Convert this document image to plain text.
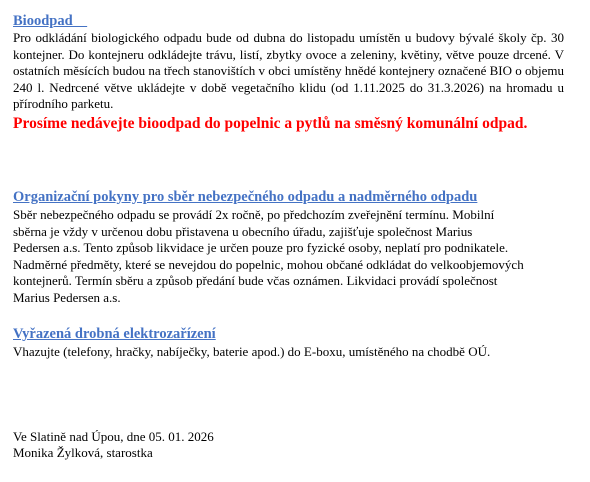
Bioodpad

Pro odkládání biologického odpadu bude od dubna do listopadu umístěn u budovy bývalé školy čp. 30 kontejner. Do kontejneru odkládejte trávu, listí, zbytky ovoce a zeleniny, květiny, větve pouze drcené. V ostatních měsících budou na třech stanovištích v obci umístěny hnědé kontejnery označené BIO o objemu 240 l. Nedrcené větve ukládejte v době vegetačního klidu (od 1.11.2025 do 31.3.2026) na hromadu u přírodního parketu.

Prosíme nedávejte bioodpad do popelnic a pytlů na směsný komunální odpad.

Organizační pokyny pro sběr nebezpečného odpadu a nadměrného odpadu
Sběr nebezpečného odpadu se provádí 2x ročně, po předchozím zveřejnění termínu. Mobilní
sběrna je vždy v určenou dobu přistavena u obecního úřadu, zajišťuje společnost Marius
Pedersen a.s. Tento způsob likvidace je určen pouze pro fyzické osoby, neplatí pro podnikatele.
Nadměrné předměty, které se nevejdou do popelnic, mohou občané odkládat do velkoobjemových
kontejnerů. Termín sběru a způsob předání bude včas oznámen. Likvidaci provádí společnost
Marius Pedersen a.s.
Vyřazená drobná elektrozařízení

Vhazujte (telefony, hračky, nabíječky, baterie apod.) do E-boxu, umístěného na chodbě OÚ.

Ve Slatině nad Úpou, dne 05. 01. 2026
Monika Žylková, starostka
